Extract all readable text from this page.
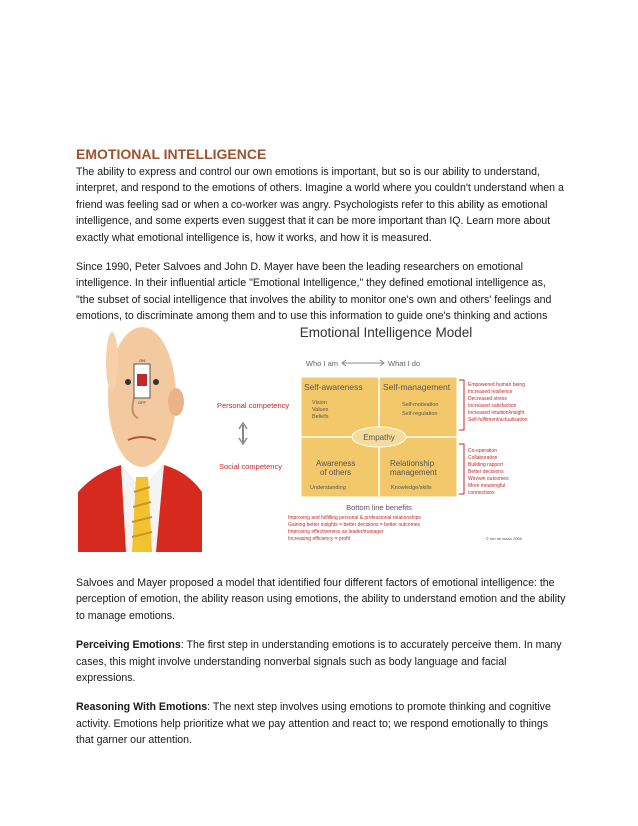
EMOTIONAL INTELLIGENCE

The ability to express and control our own emotions is important, but so is our ability to understand, interpret, and respond to the emotions of others. Imagine a world where you couldn't understand when a friend was feeling sad or when a co-worker was angry. Psychologists refer to this ability as emotional intelligence, and some experts even suggest that it can be more important than IQ. Learn more about exactly what emotional intelligence is, how it works, and how it is measured.

Since 1990, Peter Salvoes and John D. Mayer have been the leading researchers on emotional intelligence. In their influential article "Emotional Intelligence," they defined emotional intelligence as, "the subset of social intelligence that involves the ability to monitor one's own and others' feelings and emotions, to discriminate among them and to use this information to guide one's thinking and actions

ON
OFF
Emotional Intelligence Model
Who I am	What I do
Personal competency
Social competency
Empathy
Self-awareness Self-management
Vision
Values
Beliefs
Self-motivation
Self-regulation
Awareness
of others
Understanding
Relationship
management
Knowledge/skills
Empowered human being
Increased resilience
Decreased stress
Increased satisfaction
Increased intuition/insight
Self-fulfilment/actualisation
Co-operation
Collaboration
Building rapport
Better decisions
Win/win outcomes
More meaningful
connections
Bottom line benefits
Improving and fulfilling personal & professional relationships
Gaining better insights = better decisions = better outcomes
Improving effectiveness as leader/manager
Increasing efficiency = profit	© Ian de waan 2006

Salvoes and Mayer proposed a model that identified four different factors of emotional intelligence: the perception of emotion, the ability reason using emotions, the ability to understand emotion and the ability to manage emotions.

Perceiving Emotions: The first step in understanding emotions is to accurately perceive them. In many cases, this might involve understanding nonverbal signals such as body language and facial expressions.

Reasoning With Emotions: The next step involves using emotions to promote thinking and cognitive activity. Emotions help prioritize what we pay attention and react to; we respond emotionally to things that garner our attention.
